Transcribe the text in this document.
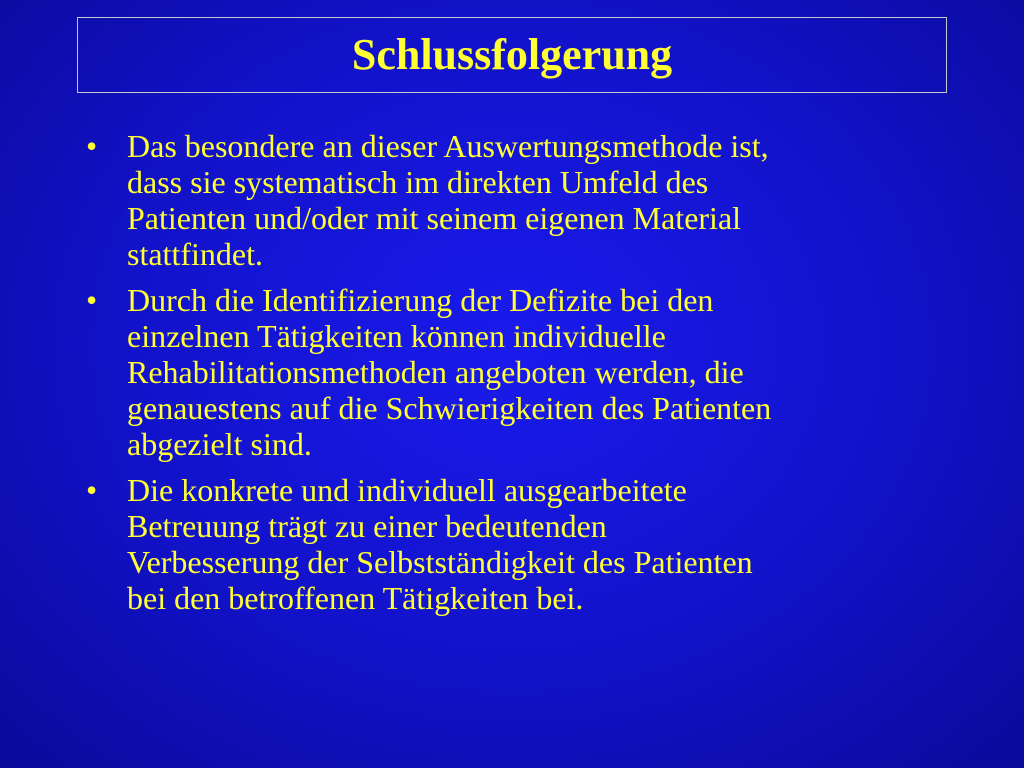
Schlussfolgerung
• Das besondere an dieser Auswertungsmethode ist,
dass sie systematisch im direkten Umfeld des
Patienten und/oder mit seinem eigenen Material
stattfindet.
• Durch die Identifizierung der Defizite bei den
einzelnen Tätigkeiten können individuelle
Rehabilitationsmethoden angeboten werden, die
genauestens auf die Schwierigkeiten des Patienten
abgezielt sind.
• Die konkrete und individuell ausgearbeitete
Betreuung trägt zu einer bedeutenden
Verbesserung der Selbstständigkeit des Patienten
bei den betroffenen Tätigkeiten bei.
